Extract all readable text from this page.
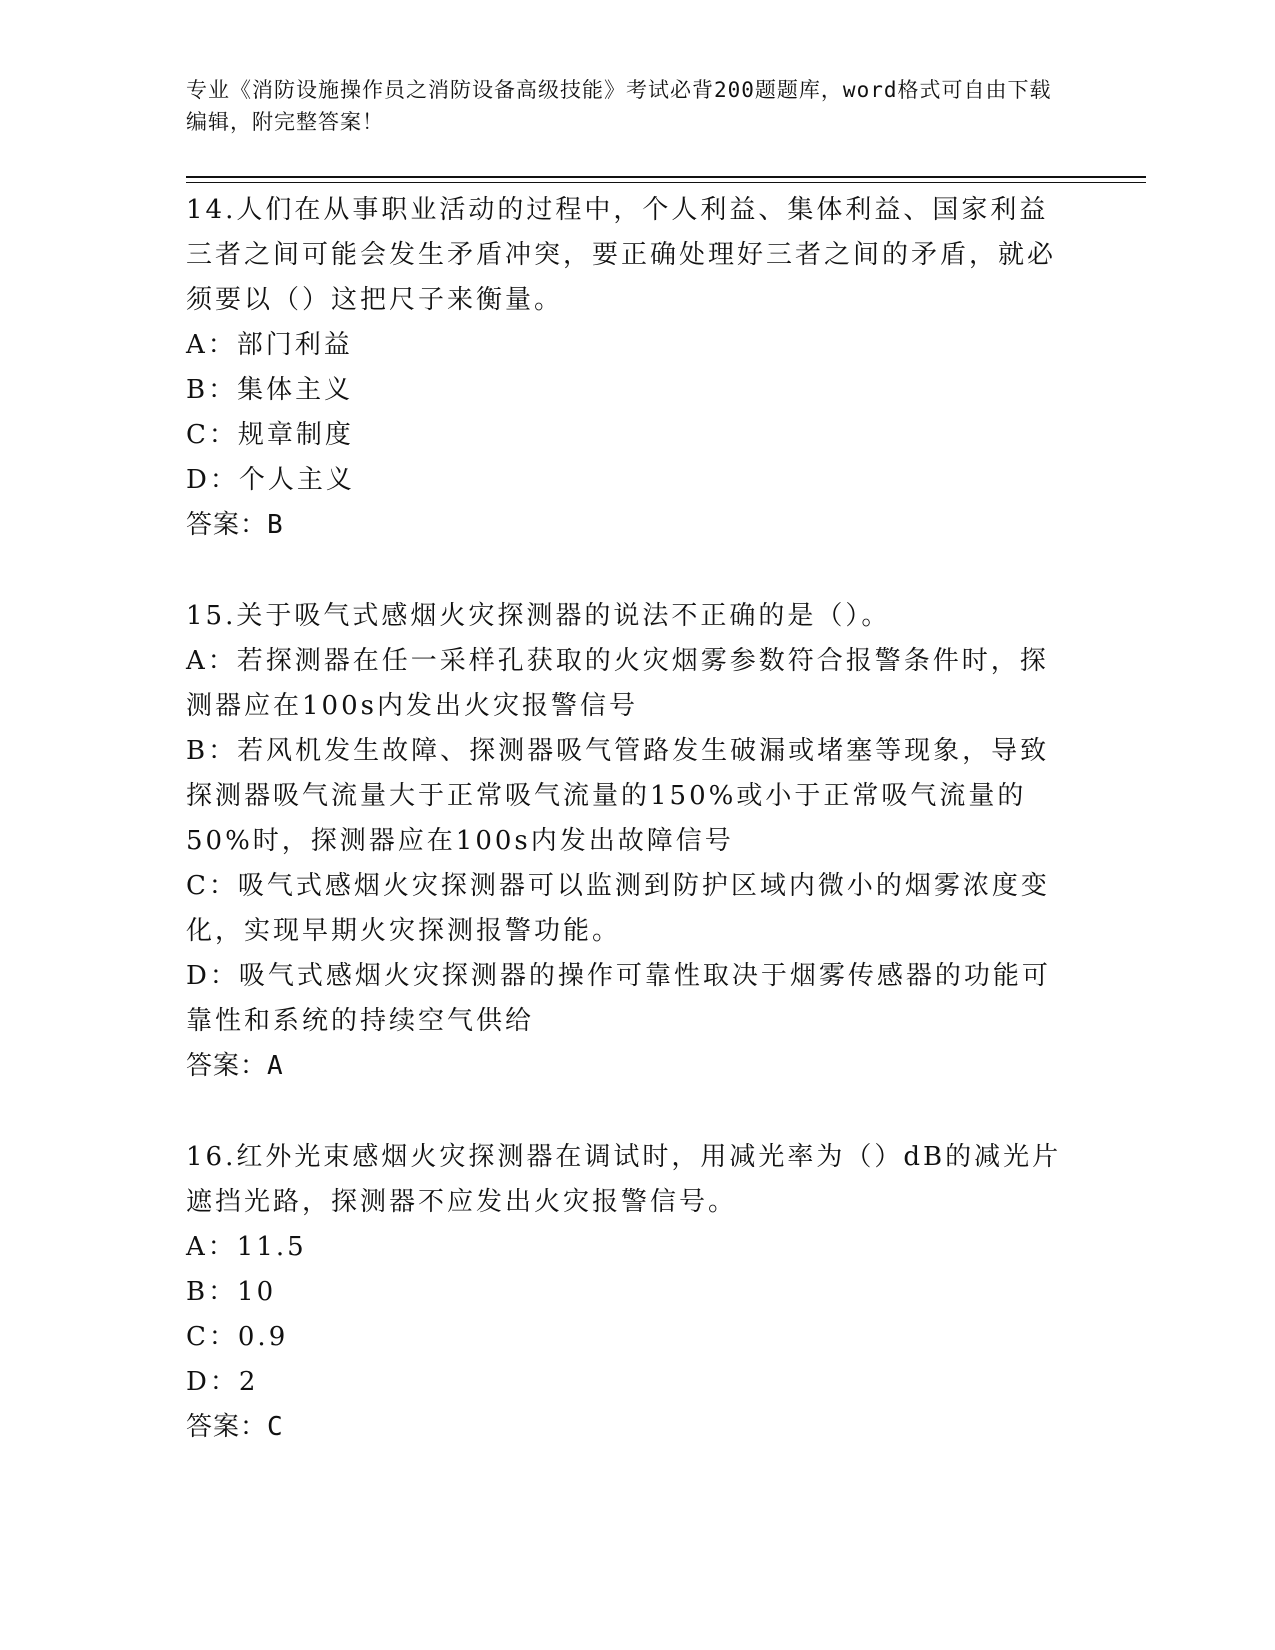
专业《消防设施操作员之消防设备高级技能》考试必背200题题库，word格式可自由下载编辑，附完整答案！

14.人们在从事职业活动的过程中，个人利益、集体利益、国家利益三者之间可能会发生矛盾冲突，要正确处理好三者之间的矛盾，就必须要以（）这把尺子来衡量。

A：部门利益

B：集体主义

C：规章制度

D：个人主义

答案：B

15.关于吸气式感烟火灾探测器的说法不正确的是（）。

A：若探测器在任一采样孔获取的火灾烟雾参数符合报警条件时，探测器应在100s内发出火灾报警信号

B：若风机发生故障、探测器吸气管路发生破漏或堵塞等现象，导致探测器吸气流量大于正常吸气流量的150%或小于正常吸气流量的50%时，探测器应在100s内发出故障信号

C：吸气式感烟火灾探测器可以监测到防护区域内微小的烟雾浓度变化，实现早期火灾探测报警功能。

D：吸气式感烟火灾探测器的操作可靠性取决于烟雾传感器的功能可靠性和系统的持续空气供给

答案：A

16.红外光束感烟火灾探测器在调试时，用减光率为（）dB的减光片遮挡光路，探测器不应发出火灾报警信号。

A：11.5

B：10

C：0.9

D：2

答案：C
